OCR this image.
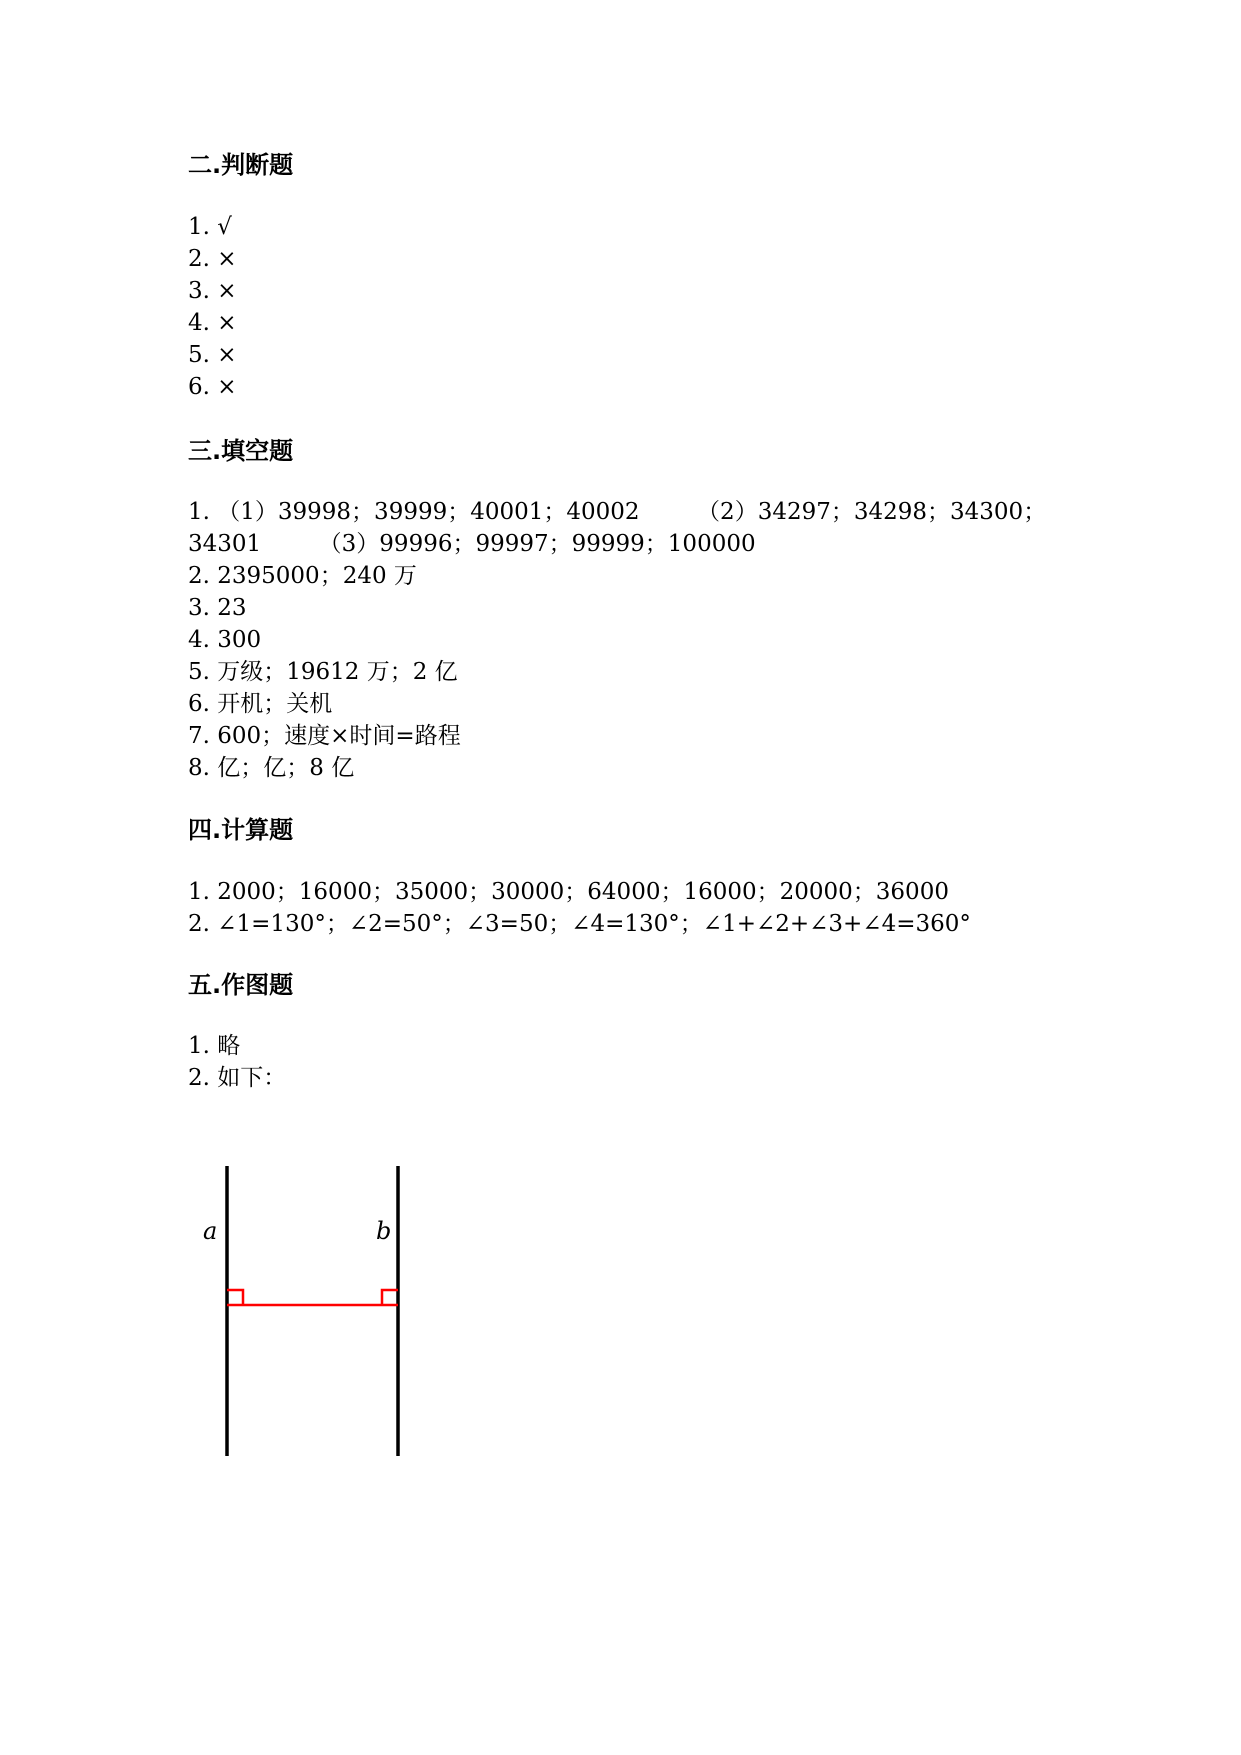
二.判断题
1. √
2. ×
3. ×
4. ×
5. ×
6. ×
三.填空题
1. （1）39998；39999；40001；40002　　　（2）34297；34298；34300；
34301　　　（3）99996；99997；99999；100000
2. 2395000；240 万
3. 23
4. 300
5. 万级；19612 万；2 亿
6. 开机；关机
7. 600；速度×时间=路程
8. 亿；亿；8 亿
四.计算题
1. 2000；16000；35000；30000；64000；16000；20000；36000
2. ∠1=130°；∠2=50°；∠3=50；∠4=130°；∠1+∠2+∠3+∠4=360°
五.作图题
1. 略
2. 如下：
a	b
